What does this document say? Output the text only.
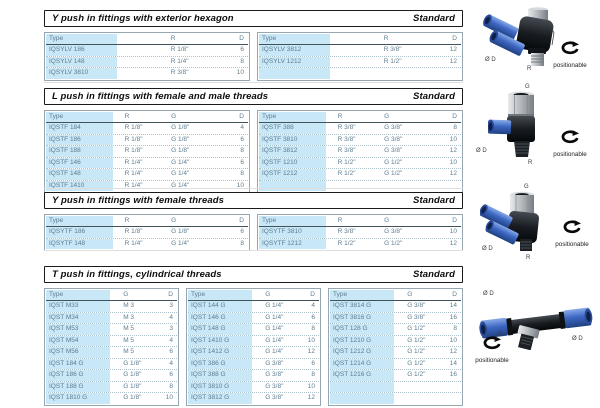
Y push in fittings with exterior hexagon	Standard
Type	R	D
IQSYLV 186	R 1/8"	6
IQSYLV 148	R 1/4"	8
IQSYLV 3810	R 3/8"	10
Type	R	D
IQSYLV 3812	R 3/8"	12
IQSYLV 1212	R 1/2"	12
L push in fittings with female and male threads	Standard
Type	R	G	D
IQSTF 184	R 1/8"	G 1/8"	4
IQSTF 186	R 1/8"	G 1/8"	6
IQSTF 188	R 1/8"	G 1/8"	8
IQSTF 146	R 1/4"	G 1/4"	6
IQSTF 148	R 1/4"	G 1/4"	8
IQSTF 1410	R 1/4"	G 1/4"	10
Type	R	G	D
IQSTF 388	R 3/8"	G 3/8"	8
IQSTF 3810	R 3/8"	G 3/8"	10
IQSTF 3812	R 3/8"	G 3/8"	12
IQSTF 1210	R 1/2"	G 1/2"	10
IQSTF 1212	R 1/2"	G 1/2"	12
Y push in fittings with female threads	Standard
Type	R	G	D
IQSYTF 186	R 1/8"	G 1/8"	6
IQSYTF 148	R 1/4"	G 1/4"	8
Type	R	G	D
IQSYTF 3810	R 3/8"	G 3/8"	10
IQSYTF 1212	R 1/2"	G 1/2"	12
T push in fittings, cylindrical threads	Standard
Type	G	D
IQST M33	M 3	3
IQST M34	M 3	4
IQST M53	M 5	3
IQST M54	M 5	4
IQST M56	M 5	6
IQST 184 G	G 1/8"	4
IQST 186 G	G 1/8"	6
IQST 188 G	G 1/8"	8
IQST 1810 G	G 1/8"	10
Type	G	D
IQST 144 G	G 1/4"	4
IQST 146 G	G 1/4"	6
IQST 148 G	G 1/4"	8
IQST 1410 G	G 1/4"	10
IQST 1412 G	G 1/4"	12
IQST 386 G	G 3/8"	6
IQST 388 G	G 3/8"	8
IQST 3810 G	G 3/8"	10
IQST 3812 G	G 3/8"	12
Type	G	D
IQST 3814 G	G 3/8"	14
IQST 3816 G	G 3/8"	16
IQST 128 G	G 1/2"	8
IQST 1210 G	G 1/2"	10
IQST 1212 G	G 1/2"	12
IQST 1214 G	G 1/2"	14
IQST 1216 G	G 1/2"	16
Ø D
R	positionable
G
Ø D
R
positionable
G
Ø D
R
positionable
Ø D
Ø D
G
positionable
